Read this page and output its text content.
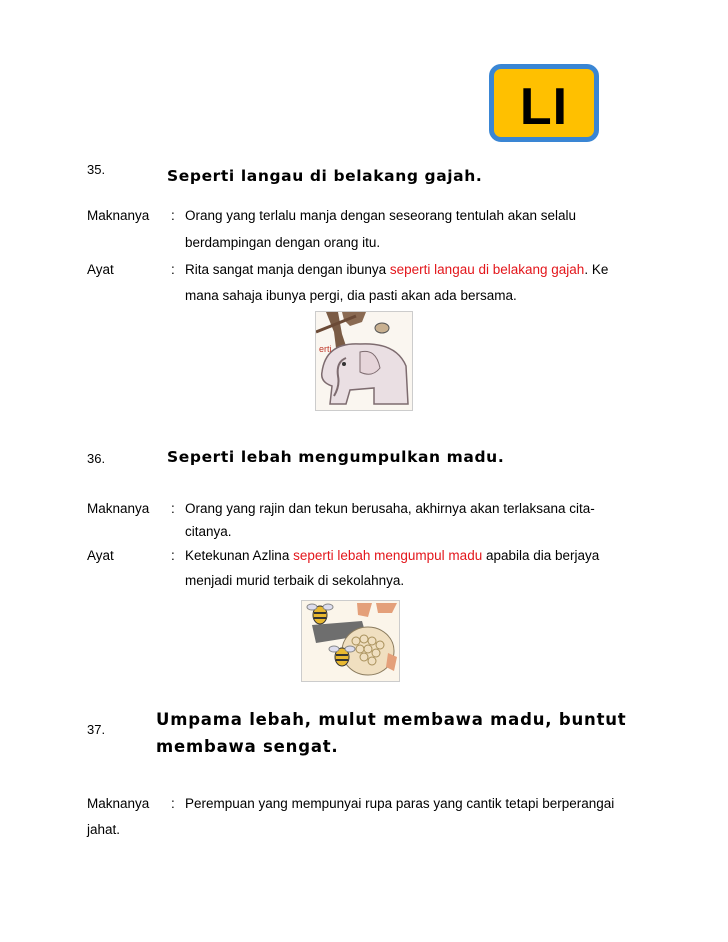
LI
35.	Seperti langau di belakang gajah.
Maknanya : Orang yang terlalu manja dengan seseorang tentulah akan selalu
berdampingan dengan orang itu.
Ayat	: Rita sangat manja dengan ibunya seperti langau di belakang gajah. Ke
mana sahaja ibunya pergi, dia pasti akan ada bersama.
erti
36.	Seperti lebah mengumpulkan madu.
Maknanya : Orang yang rajin dan tekun berusaha, akhirnya akan terlaksana cita-
citanya.
Ayat	: Ketekunan Azlina seperti lebah mengumpul madu apabila dia berjaya
menjadi murid terbaik di sekolahnya.
37.
Umpama lebah, mulut membawa madu, buntut
membawa sengat.
Maknanya : Perempuan yang mempunyai rupa paras yang cantik tetapi berperangai
jahat.
